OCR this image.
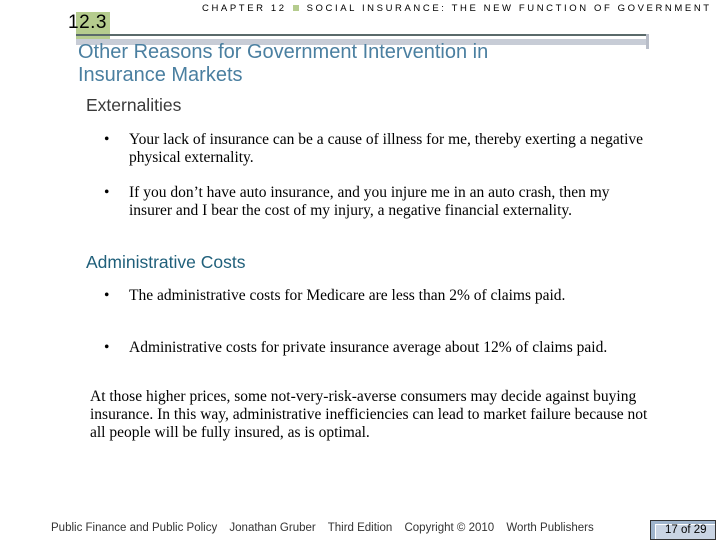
12.3
CHAPTER 12 SOCIAL INSURANCE: THE NEW FUNCTION OF GOVERNMENT
Other Reasons for Government Intervention in
Insurance Markets
Externalities
• Your lack of insurance can be a cause of illness for me, thereby exerting a negative physical externality.
• If you don’t have auto insurance, and you injure me in an auto crash, then my insurer and I bear the cost of my injury, a negative financial externality.
Administrative Costs
• The administrative costs for Medicare are less than 2% of claims paid.
• Administrative costs for private insurance average about 12% of claims paid.
At those higher prices, some not-very-risk-averse consumers may decide against buying insurance. In this way, administrative inefficiencies can lead to market failure because not all people will be fully insured, as is optimal.
Public Finance and Public Policy Jonathan Gruber Third Edition Copyright © 2010 Worth Publishers	17 of 29
